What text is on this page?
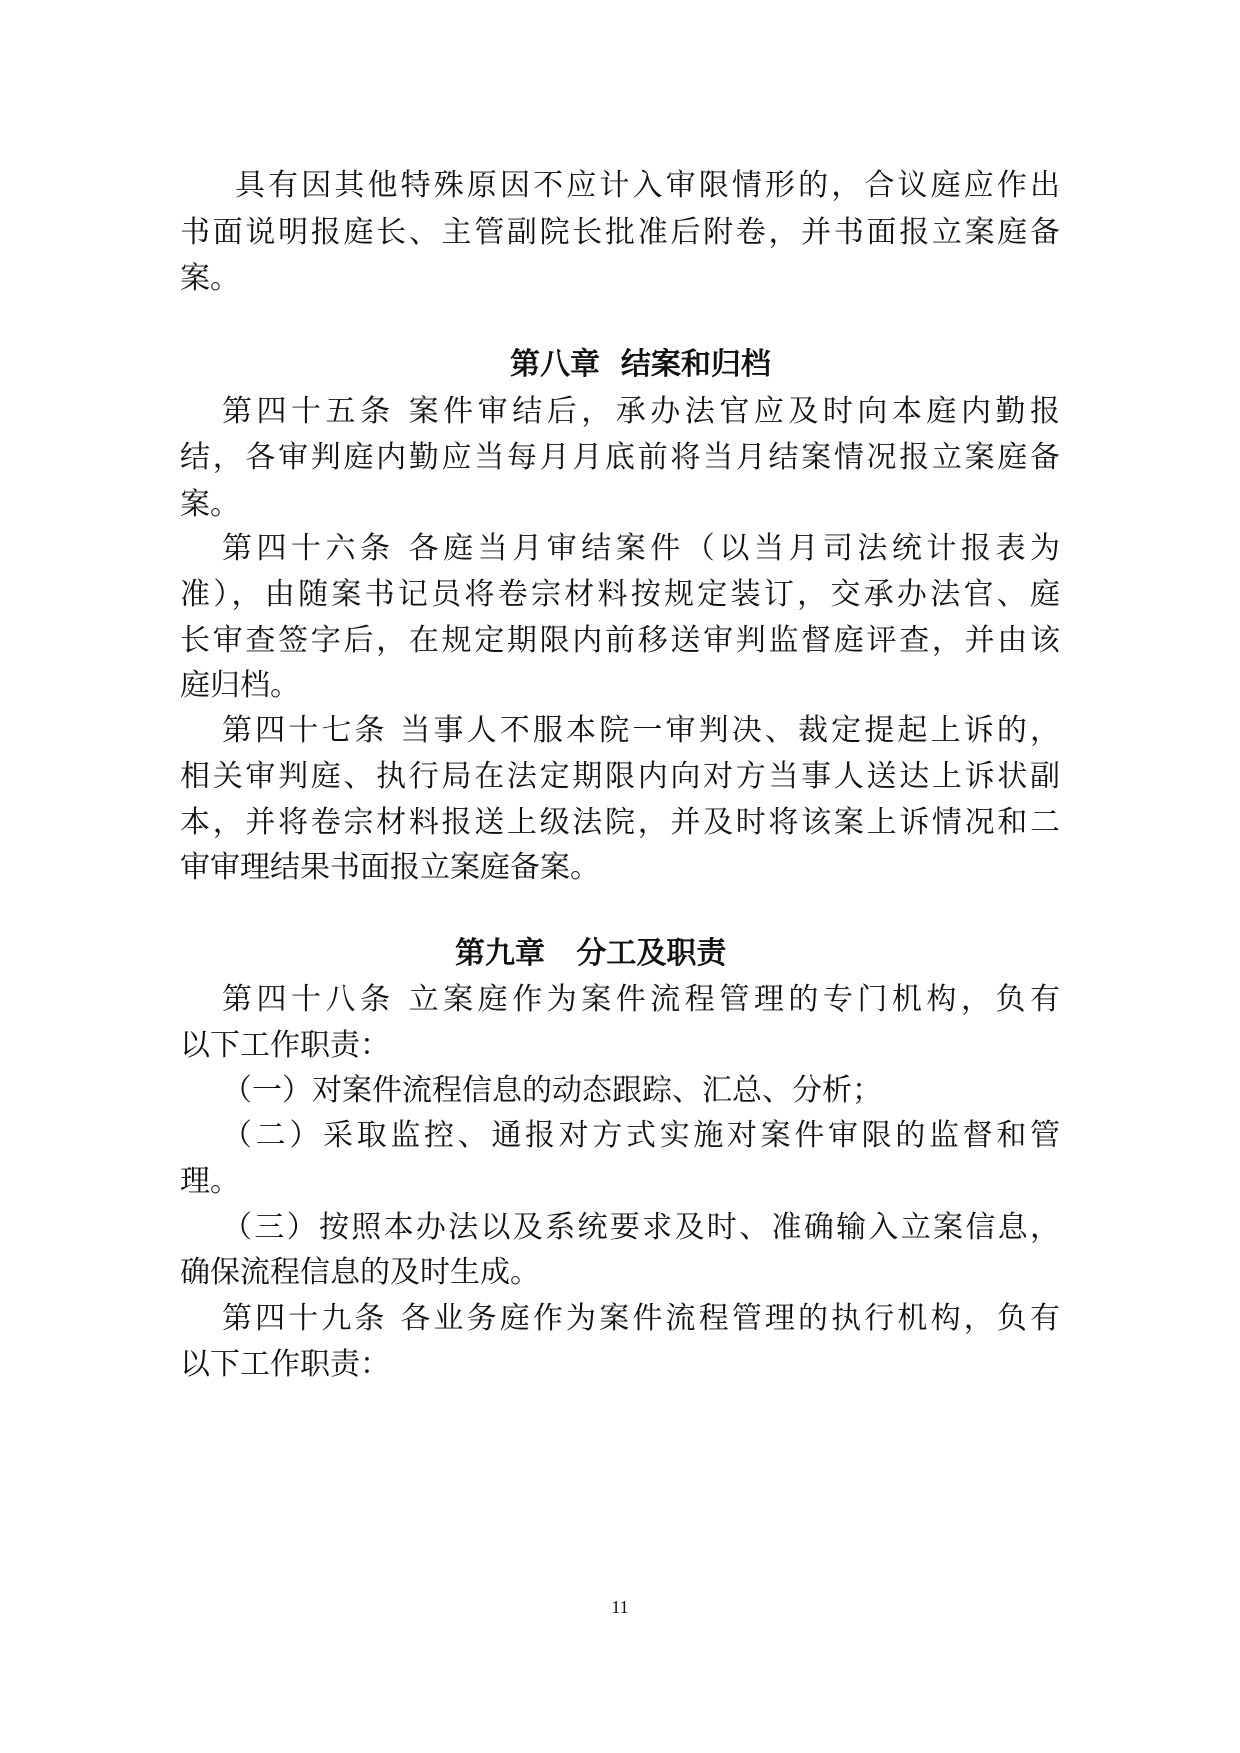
具有因其他特殊原因不应计入审限情形的，合议庭应作出
书面说明报庭长、主管副院长批准后附卷，并书面报立案庭备
案。
第八章  结案和归档
第四十五条 案件审结后，承办法官应及时向本庭内勤报
结，各审判庭内勤应当每月月底前将当月结案情况报立案庭备
案。
第四十六条 各庭当月审结案件（以当月司法统计报表为
准），由随案书记员将卷宗材料按规定装订，交承办法官、庭
长审查签字后，在规定期限内前移送审判监督庭评查，并由该
庭归档。
第四十七条 当事人不服本院一审判决、裁定提起上诉的，
相关审判庭、执行局在法定期限内向对方当事人送达上诉状副
本，并将卷宗材料报送上级法院，并及时将该案上诉情况和二
审审理结果书面报立案庭备案。
第九章   分工及职责
第四十八条 立案庭作为案件流程管理的专门机构，负有
以下工作职责：
（一）对案件流程信息的动态跟踪、汇总、分析；
（二）采取监控、通报对方式实施对案件审限的监督和管
理。
（三）按照本办法以及系统要求及时、准确输入立案信息，
确保流程信息的及时生成。
第四十九条 各业务庭作为案件流程管理的执行机构，负有
以下工作职责：
11
